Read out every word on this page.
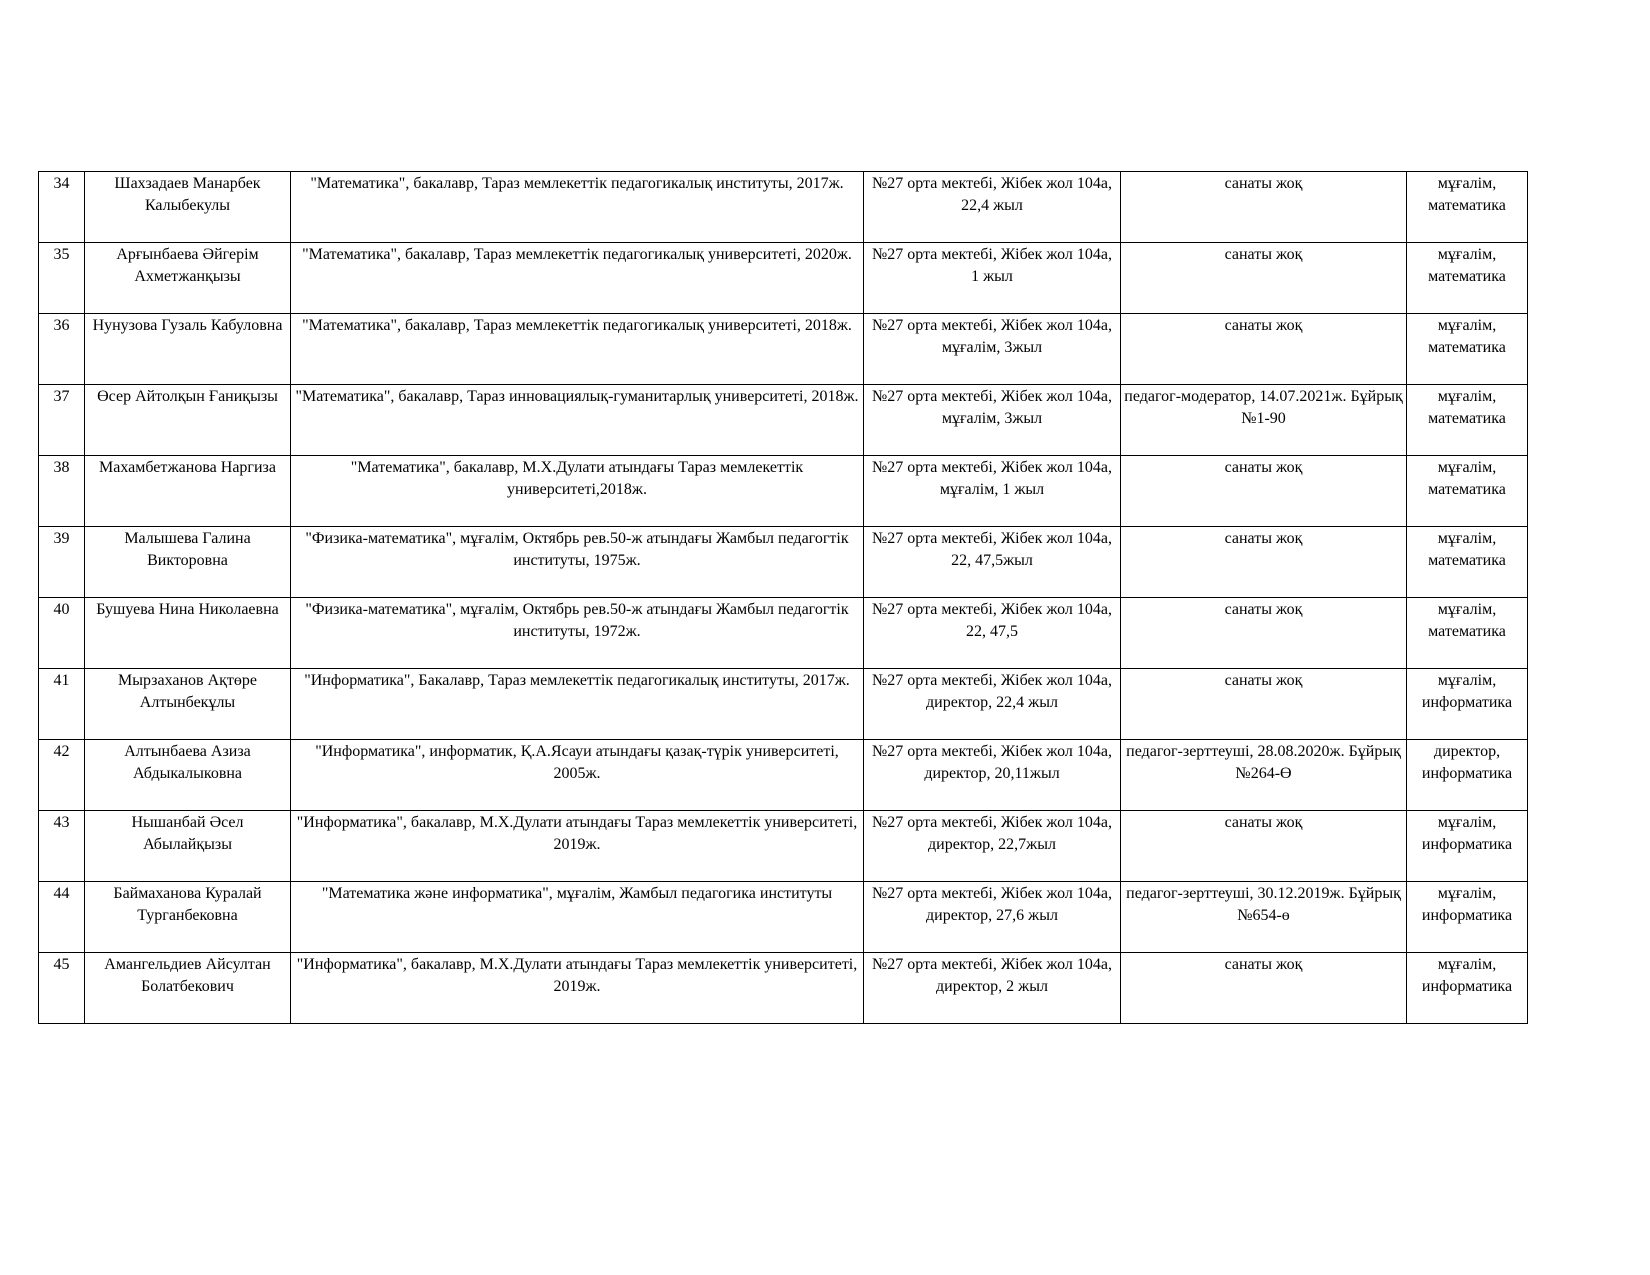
34	Шахзадаев Манарбек Калыбекулы	"Математика", бакалавр, Тараз мемлекеттік педагогикалық институты, 2017ж.	№27 орта мектебі, Жібек жол 104а, 22,4 жыл	санаты жоқ	мұғалім, математика
35	Арғынбаева Әйгерім Ахметжанқызы	"Математика", бакалавр, Тараз мемлекеттік педагогикалық университеті, 2020ж.	№27 орта мектебі, Жібек жол 104а, 1 жыл	санаты жоқ	мұғалім, математика
36	Нунузова Гузаль Кабуловна	"Математика", бакалавр, Тараз мемлекеттік педагогикалық университеті, 2018ж.	№27 орта мектебі, Жібек жол 104а, мұғалім, 3жыл	санаты жоқ	мұғалім, математика
37	Өсер Айтолқын Ғаниқызы	"Математика", бакалавр, Тараз инновациялық-гуманитарлық университеті, 2018ж.	№27 орта мектебі, Жібек жол 104а, мұғалім, 3жыл	педагог-модератор, 14.07.2021ж. Бұйрық №1-90	мұғалім, математика
38	Махамбетжанова Наргиза	"Математика", бакалавр, М.Х.Дулати атындағы Тараз мемлекеттік университеті,2018ж.	№27 орта мектебі, Жібек жол 104а, мұғалім, 1 жыл	санаты жоқ	мұғалім, математика
39	Малышева Галина Викторовна	"Физика-математика", мұғалім, Октябрь рев.50-ж атындағы Жамбыл педагогтік институты, 1975ж.	№27 орта мектебі, Жібек жол 104а, 22, 47,5жыл	санаты жоқ	мұғалім, математика
40	Бушуева Нина Николаевна	"Физика-математика", мұғалім, Октябрь рев.50-ж атындағы Жамбыл педагогтік институты, 1972ж.	№27 орта мектебі, Жібек жол 104а, 22, 47,5	санаты жоқ	мұғалім, математика
41	Мырзаханов Ақтөре Алтынбекұлы	"Информатика", Бакалавр, Тараз мемлекеттік педагогикалық институты, 2017ж.	№27 орта мектебі, Жібек жол 104а, директор, 22,4 жыл	санаты жоқ	мұғалім, информатика
42	Алтынбаева Азиза Абдыкалыковна	"Информатика", информатик, Қ.А.Ясауи атындағы қазақ-түрік университеті, 2005ж.	№27 орта мектебі, Жібек жол 104а, директор, 20,11жыл	педагог-зерттеуші, 28.08.2020ж. Бұйрық №264-Ө	директор, информатика
43	Нышанбай Әсел Абылайқызы	"Информатика", бакалавр, М.Х.Дулати атындағы Тараз мемлекеттік университеті, 2019ж.	№27 орта мектебі, Жібек жол 104а, директор, 22,7жыл	санаты жоқ	мұғалім, информатика
44	Баймаханова Куралай Турганбековна	"Математика және информатика", мұғалім, Жамбыл педагогика институты	№27 орта мектебі, Жібек жол 104а, директор, 27,6 жыл	педагог-зерттеуші, 30.12.2019ж. Бұйрық №654-ө	мұғалім, информатика
45	Амангельдиев Айсултан Болатбекович	"Информатика", бакалавр, М.Х.Дулати атындағы Тараз мемлекеттік университеті, 2019ж.	№27 орта мектебі, Жібек жол 104а, директор, 2 жыл	санаты жоқ	мұғалім, информатика
